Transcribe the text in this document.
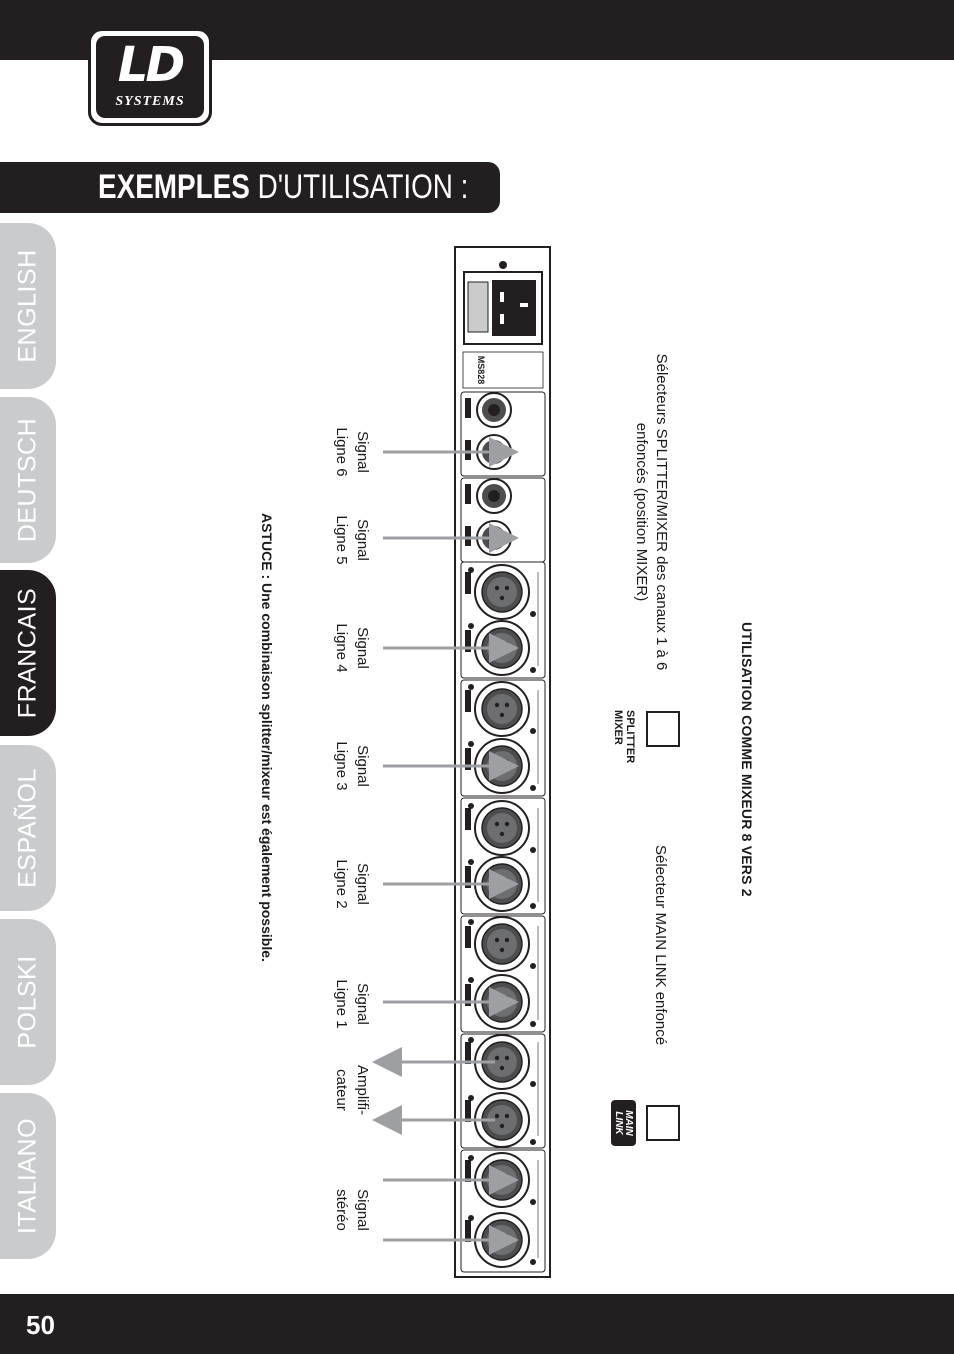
LD
SYSTEMS
EXEMPLES D'UTILISATION :
ENGLISH
DEUTSCH
FRANCAIS
ESPAÑOL
POLSKI
ITALIANO
MS828
Signal
Ligne 6
Signal
Ligne 5
Signal
Ligne 4
Signal
Ligne 3
Signal
Ligne 2
Signal
Ligne 1
Amplifi-
cateur
Signal
stéréo
ASTUCE : Une combinaison splitter/mixeur est également possible.	UTILISATION COMME MIXEUR 8 VERS 2
Sélecteurs SPLITTER/MIXER des canaux 1 à 6
enfoncés (position MIXER)
SPLITTER
MIXER
Sélecteur MAIN LINK enfoncé
MAIN
LINK
50
